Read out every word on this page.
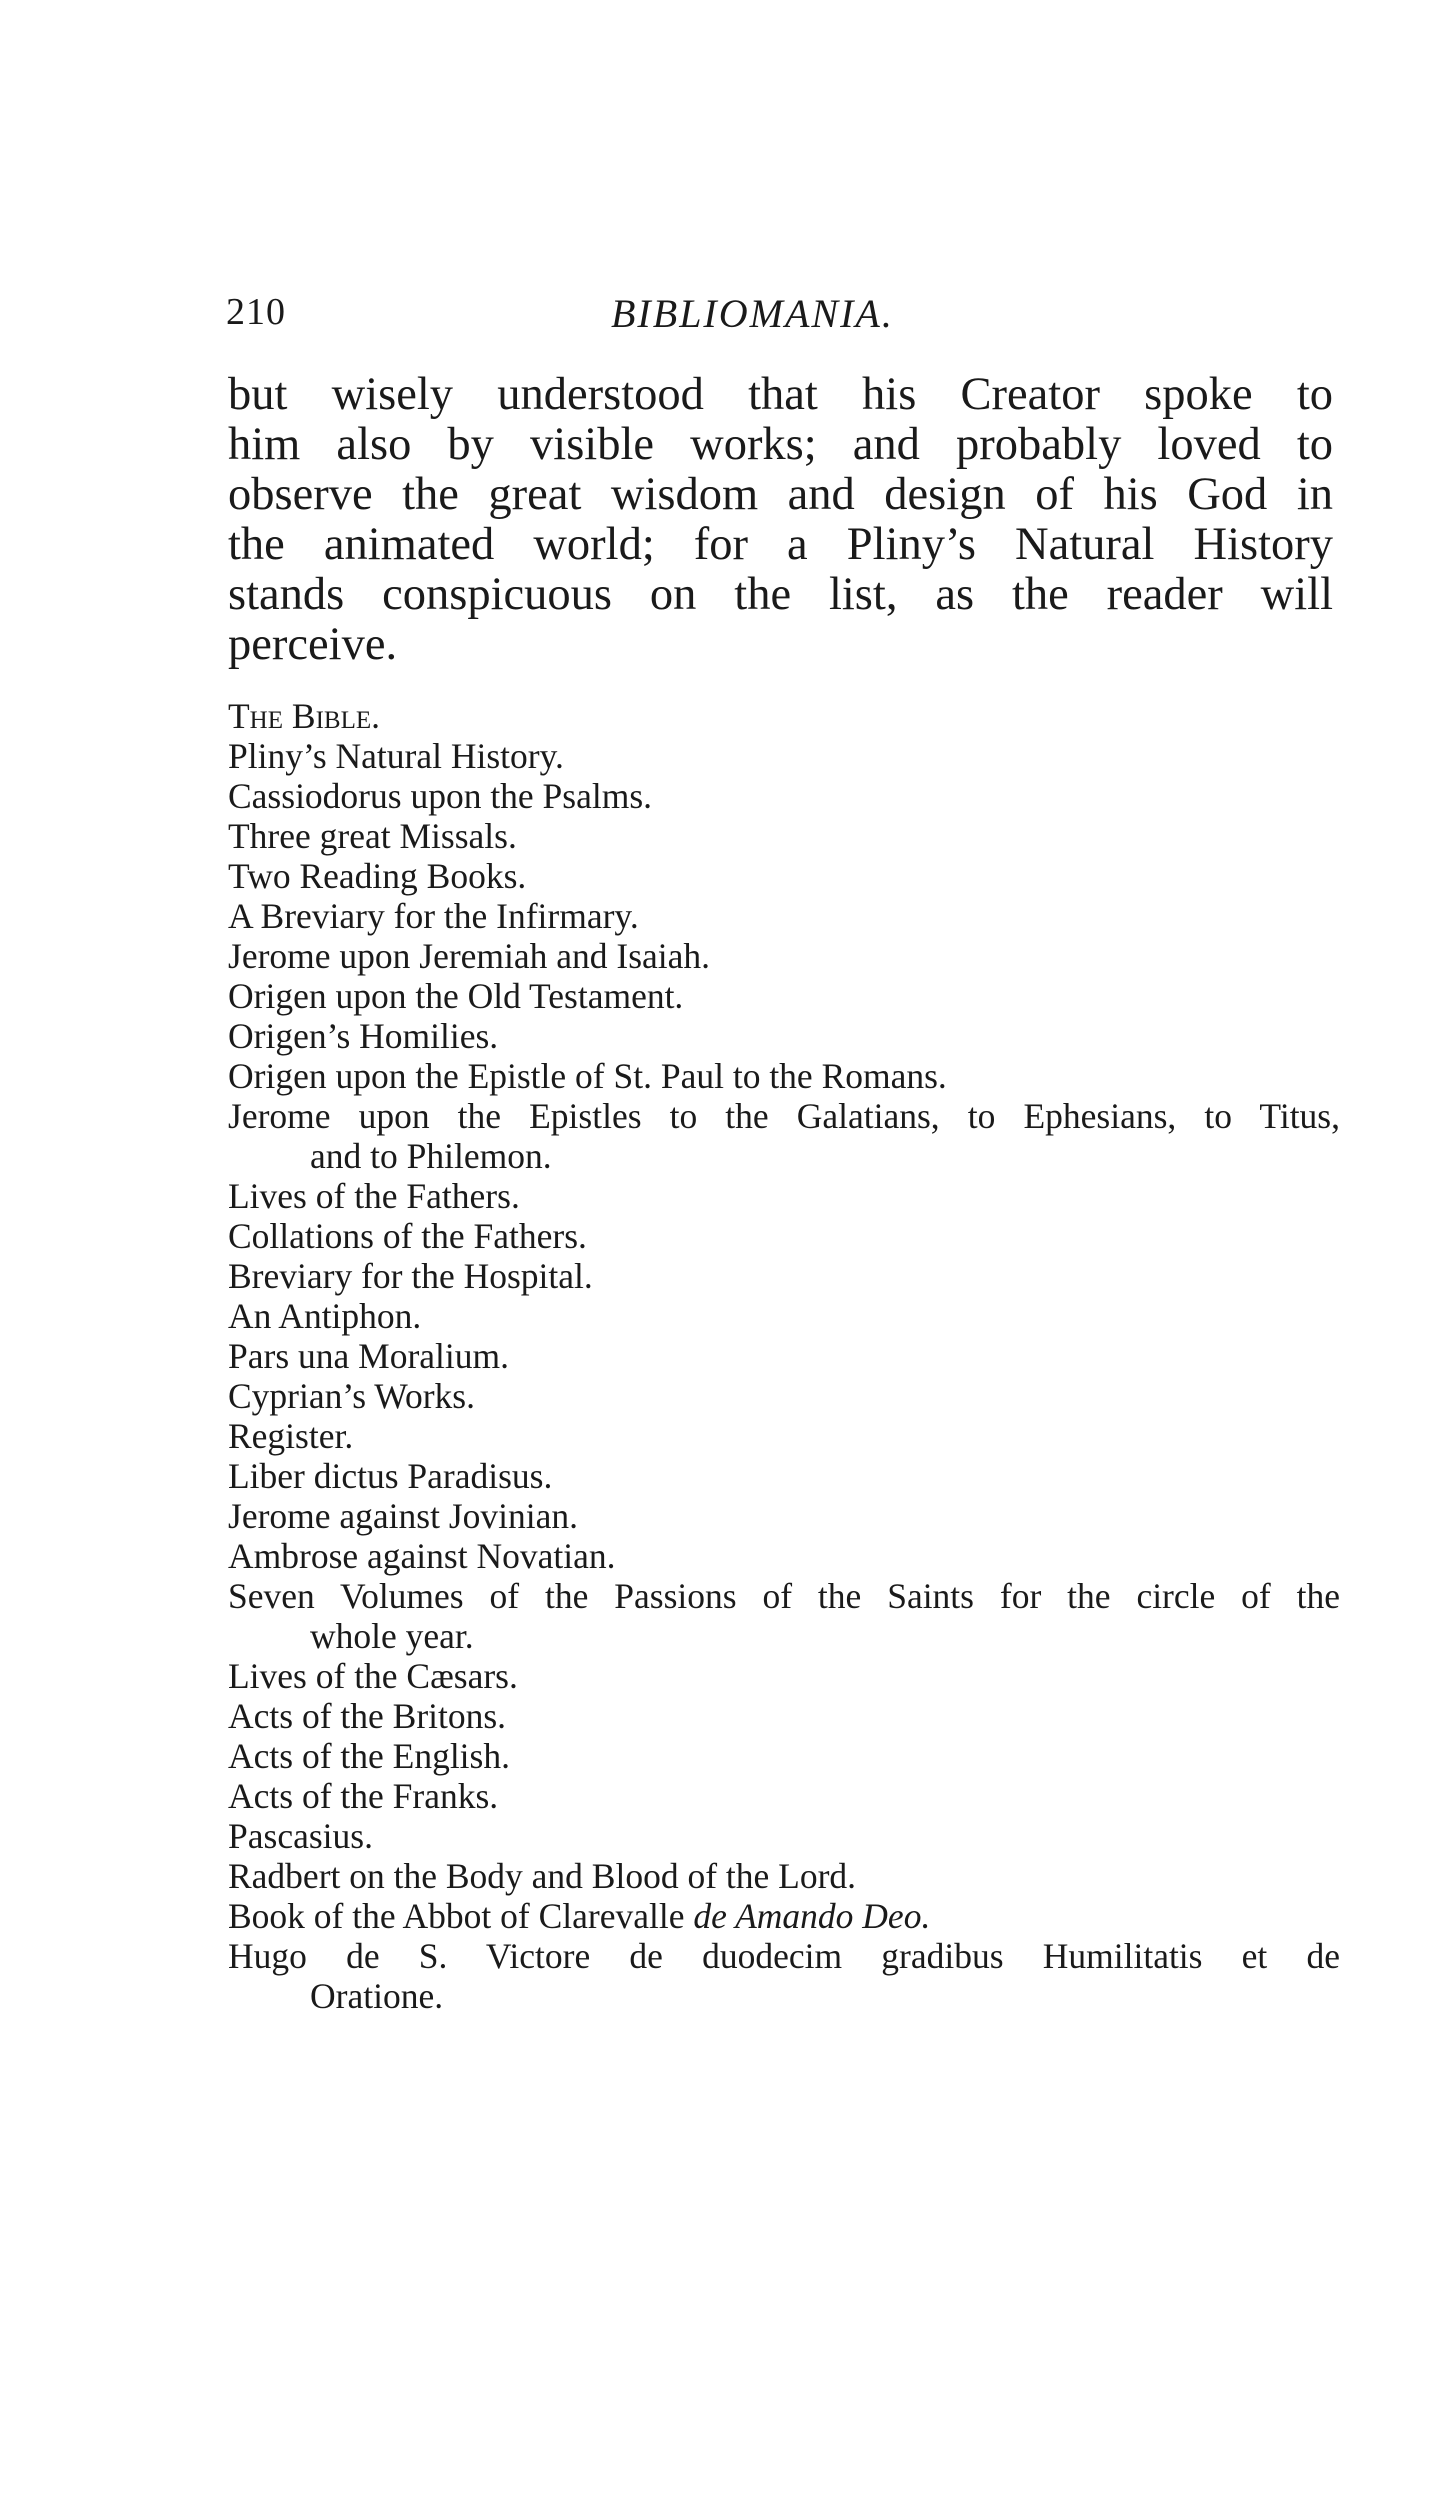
210	BIBLIOMANIA.
but wisely understood that his Creator spoke to
him also by visible works; and probably loved to
observe the great wisdom and design of his God in
the animated world; for a Pliny’s Natural History
stands conspicuous on the list, as the reader will
perceive.
The Bible.
Pliny’s Natural History.
Cassiodorus upon the Psalms.
Three great Missals.
Two Reading Books.
A Breviary for the Infirmary.
Jerome upon Jeremiah and Isaiah.
Origen upon the Old Testament.
Origen’s Homilies.
Origen upon the Epistle of St. Paul to the Romans.
Jerome upon the Epistles to the Galatians, to Ephesians, to Titus,
and to Philemon.
Lives of the Fathers.
Collations of the Fathers.
Breviary for the Hospital.
An Antiphon.
Pars una Moralium.
Cyprian’s Works.
Register.
Liber dictus Paradisus.
Jerome against Jovinian.
Ambrose against Novatian.
Seven Volumes of the Passions of the Saints for the circle of the
whole year.
Lives of the Cæsars.
Acts of the Britons.
Acts of the English.
Acts of the Franks.
Pascasius.
Radbert on the Body and Blood of the Lord.
Book of the Abbot of Clarevalle de Amando Deo.
Hugo de S. Victore de duodecim gradibus Humilitatis et de
Oratione.
